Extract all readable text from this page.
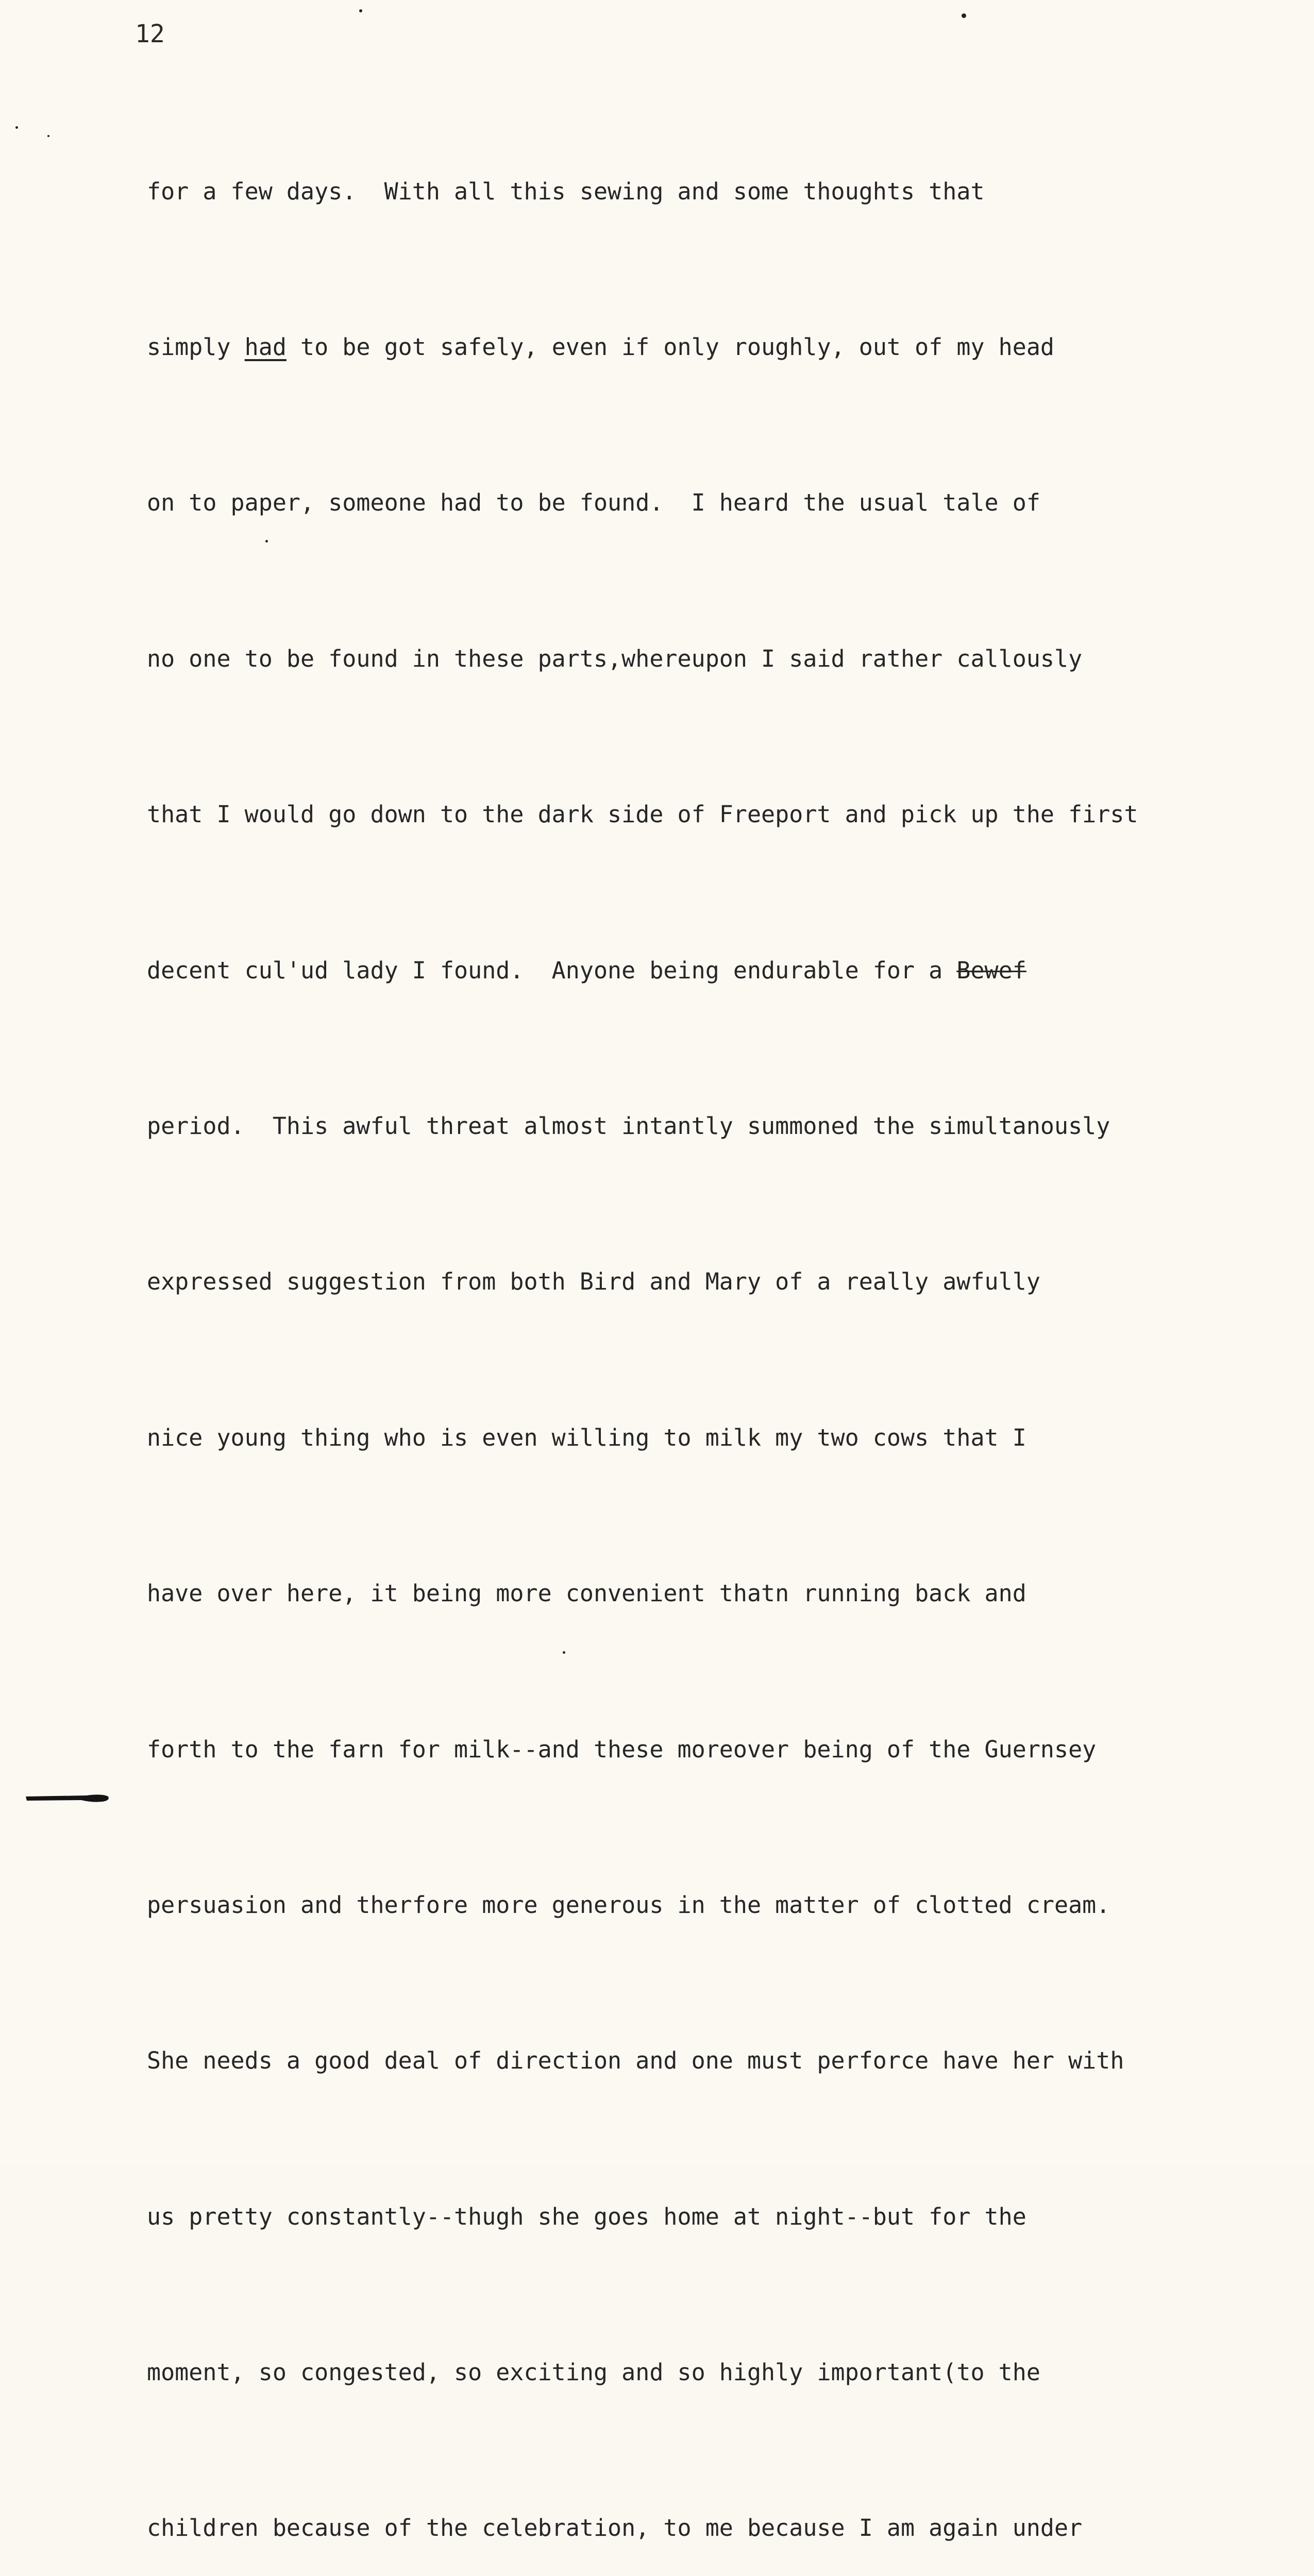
12

for a few days.  With all this sewing and some thoughts that

simply had to be got safely, even if only roughly, out of my head

on to paper, someone had to be found.  I heard the usual tale of

no one to be found in these parts,whereupon I said rather callously

that I would go down to the dark side of Freeport and pick up the first

decent cul'ud lady I found.  Anyone being endurable for a Bewef

period.  This awful threat almost intantly summoned the simultanously

expressed suggestion from both Bird and Mary of a really awfully

nice young thing who is even willing to milk my two cows that I

have over here, it being more convenient thatn running back and

forth to the farn for milk--and these moreover being of the Guernsey

persuasion and therfore more generous in the matter of clotted cream.

She needs a good deal of direction and one must perforce have her with

us pretty constantly--thugh she goes home at night--but for the

moment, so congested, so exciting and so highly important(to the

children because of the celebration, to me because I am again under
